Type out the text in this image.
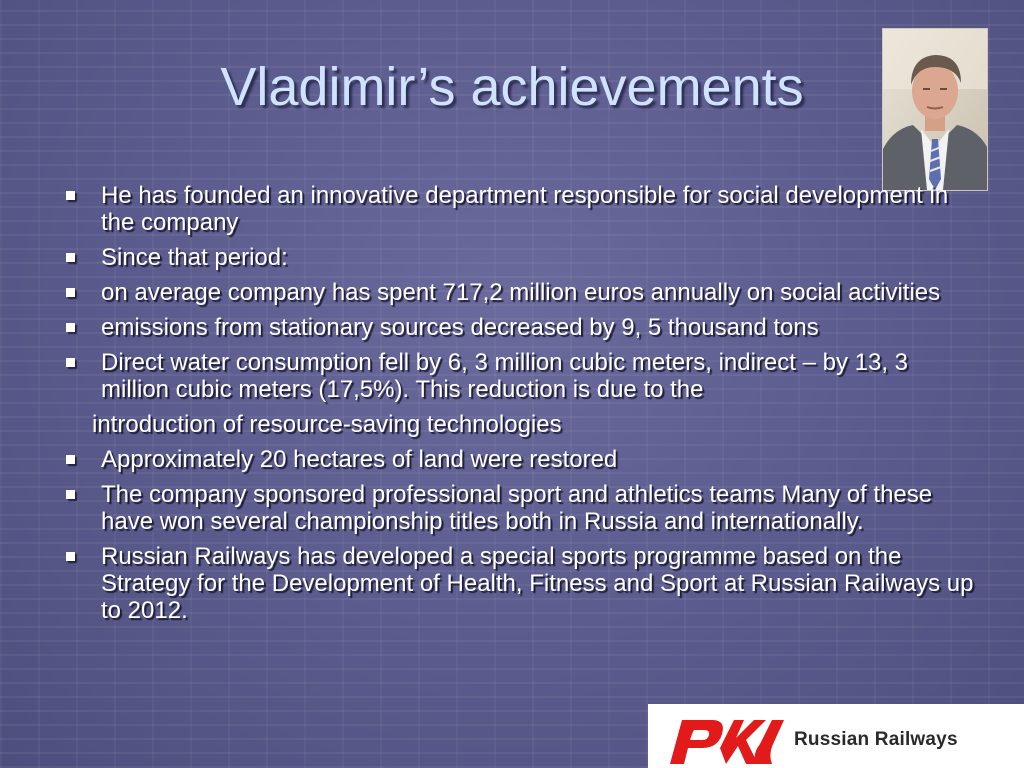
Vladimir’s achievements
He has founded an innovative department responsible for social development in the company
Since that period:
on average company has spent 717,2 million euros annually on social activities
emissions from stationary sources decreased by 9, 5 thousand tons
Direct water consumption fell by 6, 3 million cubic meters, indirect – by 13, 3 million cubic meters (17,5%). This reduction is due to the
introduction of resource-saving technologies
Approximately 20 hectares of land were restored
The company sponsored professional sport and athletics teams Many of these have won several championship titles both in Russia and internationally.
Russian Railways has developed a special sports programme based on the Strategy for the Development of Health, Fitness and Sport at Russian Railways up to 2012.
Russian Railways
